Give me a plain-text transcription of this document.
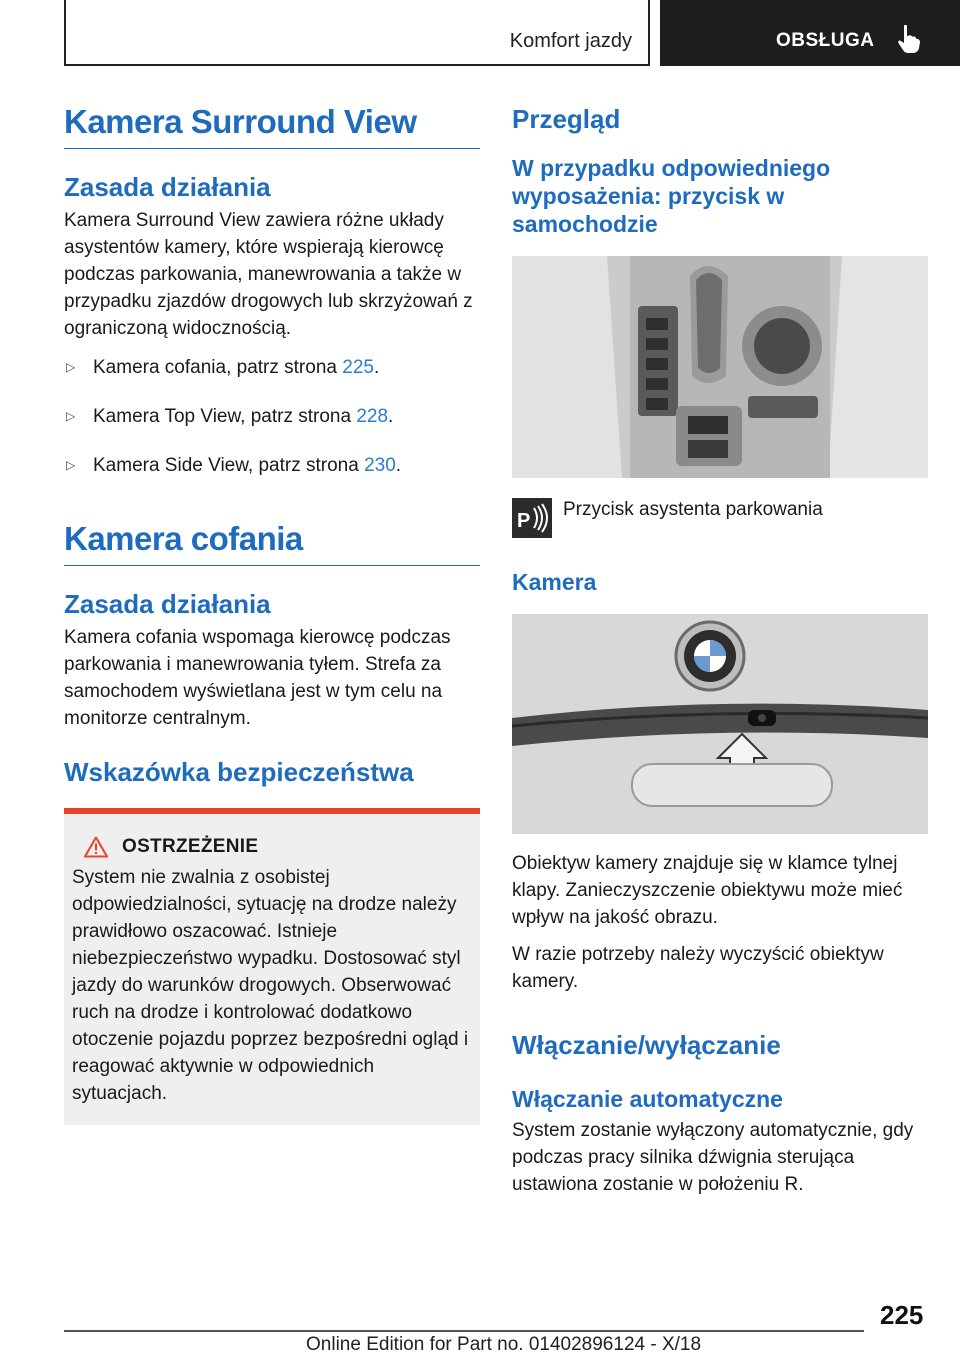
Komfort jazdy	OBSŁUGA
Kamera Surround View
Zasada działania

Kamera Surround View zawiera różne układy asystentów kamery, które wspierają kierowcę podczas parkowania, manewrowania a także w przypadku zjazdów drogowych lub skrzyżowań z ograniczoną widocznością.

▷ Kamera cofania, patrz strona 225.
▷ Kamera Top View, patrz strona 228.
▷ Kamera Side View, patrz strona 230.
Kamera cofania
Zasada działania

Kamera cofania wspomaga kierowcę podczas parkowania i manewrowania tyłem. Strefa za samochodem wyświetlana jest w tym celu na monitorze centralnym.

Wskazówka bezpieczeństwa
OSTRZEŻENIE

System nie zwalnia z osobistej odpowiedzialności, sytuację na drodze należy prawidłowo oszacować. Istnieje niebezpieczeństwo wypadku. Dostosować styl jazdy do warunków drogowych. Obserwować ruch na drodze i kontrolować dodatkowo otoczenie pojazdu poprzez bezpośredni ogląd i reagować aktywnie w odpowiednich sytuacjach.

Przegląd
W przypadku odpowiedniego wyposażenia: przycisk w samochodzie
P
Przycisk asystenta parkowania
Kamera

Obiektyw kamery znajduje się w klamce tylnej klapy. Zanieczyszczenie obiektywu może mieć wpływ na jakość obrazu.

W razie potrzeby należy wyczyścić obiektyw kamery.

Włączanie/wyłączanie
Włączanie automatyczne

System zostanie wyłączony automatycznie, gdy podczas pracy silnika dźwignia sterująca ustawiona zostanie w położeniu R.

225
Online Edition for Part no. 01402896124 - X/18
